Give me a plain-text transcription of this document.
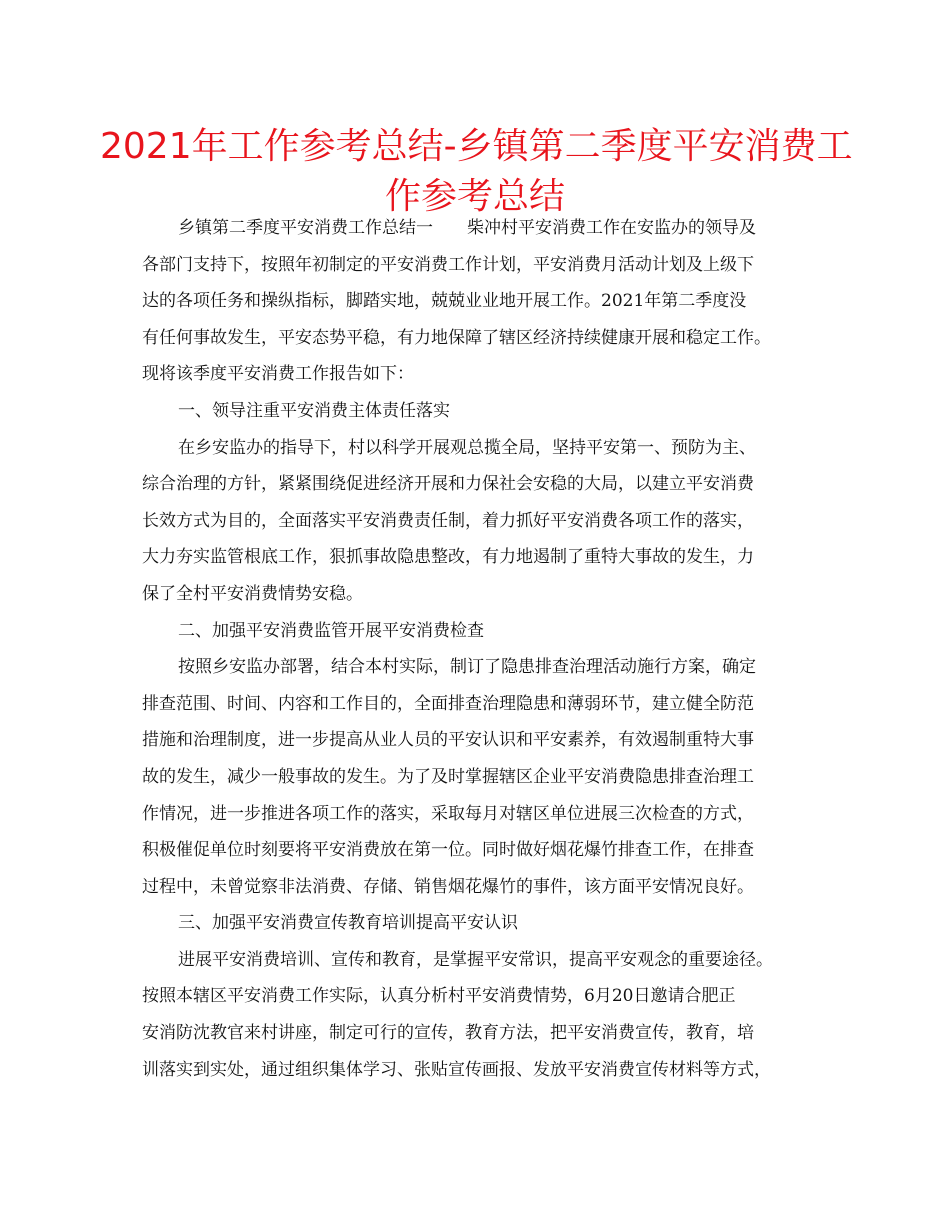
2021年工作参考总结-乡镇第二季度平安消费工
作参考总结
乡镇第二季度平安消费工作总结一　　柴冲村平安消费工作在安监办的领导及
各部门支持下，按照年初制定的平安消费工作计划，平安消费月活动计划及上级下
达的各项任务和操纵指标，脚踏实地，兢兢业业地开展工作。2021年第二季度没
有任何事故发生，平安态势平稳，有力地保障了辖区经济持续健康开展和稳定工作。
现将该季度平安消费工作报告如下：
一、领导注重平安消费主体责任落实
在乡安监办的指导下，村以科学开展观总揽全局，坚持平安第一、预防为主、
综合治理的方针，紧紧围绕促进经济开展和力保社会安稳的大局，以建立平安消费
长效方式为目的，全面落实平安消费责任制，着力抓好平安消费各项工作的落实，
大力夯实监管根底工作，狠抓事故隐患整改，有力地遏制了重特大事故的发生，力
保了全村平安消费情势安稳。
二、加强平安消费监管开展平安消费检查
按照乡安监办部署，结合本村实际，制订了隐患排查治理活动施行方案，确定
排查范围、时间、内容和工作目的，全面排查治理隐患和薄弱环节，建立健全防范
措施和治理制度，进一步提高从业人员的平安认识和平安素养，有效遏制重特大事
故的发生，减少一般事故的发生。为了及时掌握辖区企业平安消费隐患排查治理工
作情况，进一步推进各项工作的落实，采取每月对辖区单位进展三次检查的方式，
积极催促单位时刻要将平安消费放在第一位。同时做好烟花爆竹排查工作，在排查
过程中，未曾觉察非法消费、存储、销售烟花爆竹的事件，该方面平安情况良好。
三、加强平安消费宣传教育培训提高平安认识
进展平安消费培训、宣传和教育，是掌握平安常识，提高平安观念的重要途径。
按照本辖区平安消费工作实际，认真分析村平安消费情势，6月20日邀请合肥正
安消防沈教官来村讲座，制定可行的宣传，教育方法，把平安消费宣传，教育，培
训落实到实处，通过组织集体学习、张贴宣传画报、发放平安消费宣传材料等方式，
